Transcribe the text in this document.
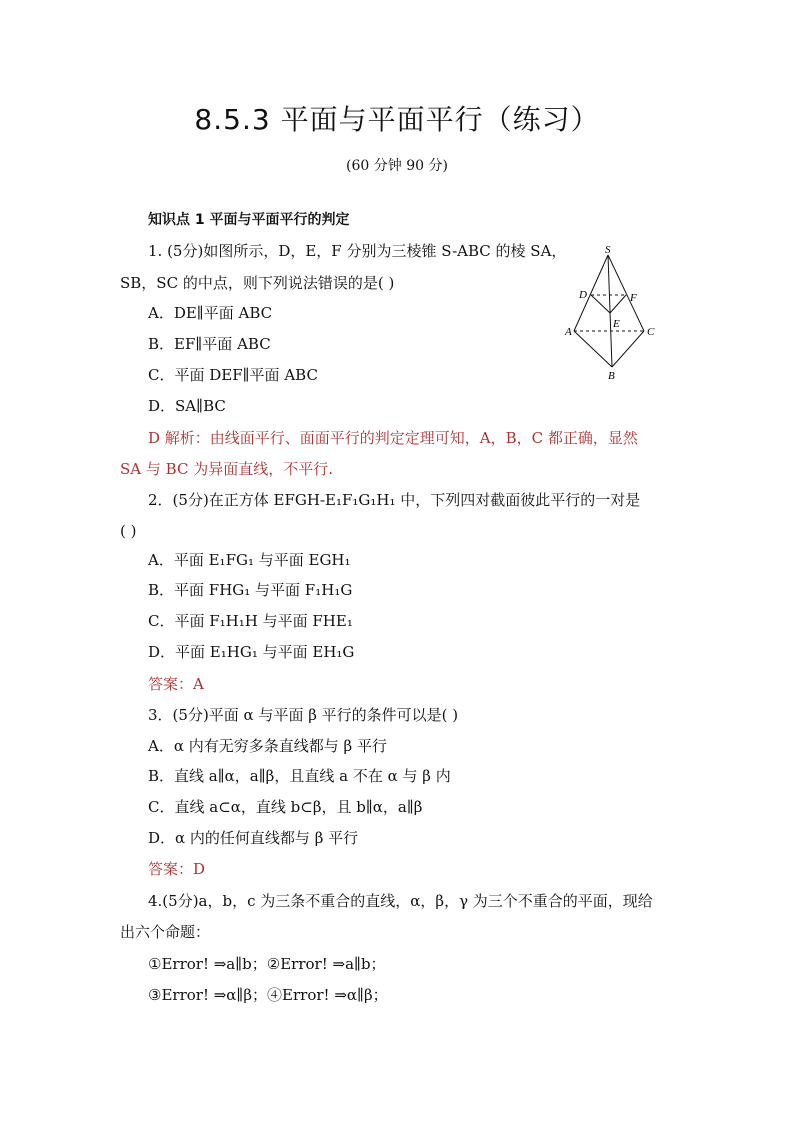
8.5.3 平面与平面平行（练习）
(60 分钟 90 分)
知识点 1 平面与平面平行的判定
1. (5分)如图所示，D，E，F 分别为三棱锥 S-ABC 的棱 SA，
SB，SC 的中点，则下列说法错误的是( )
A．DE∥平面 ABC
B．EF∥平面 ABC
C．平面 DEF∥平面 ABC
D．SA∥BC
D 解析：由线面平行、面面平行的判定定理可知，A，B，C 都正确，显然
SA 与 BC 为异面直线，不平行.
S
D	F
E
A	C
B
2．(5分)在正方体 EFGH-E₁F₁G₁H₁ 中，下列四对截面彼此平行的一对是
( )
A．平面 E₁FG₁ 与平面 EGH₁
B．平面 FHG₁ 与平面 F₁H₁G
C．平面 F₁H₁H 与平面 FHE₁
D．平面 E₁HG₁ 与平面 EH₁G
答案：A
3．(5分)平面 α 与平面 β 平行的条件可以是( )
A．α 内有无穷多条直线都与 β 平行
B．直线 a∥α，a∥β，且直线 a 不在 α 与 β 内
C．直线 a⊂α，直线 b⊂β，且 b∥α，a∥β
D．α 内的任何直线都与 β 平行
答案：D
4.(5分)a，b，c 为三条不重合的直线，α，β，γ 为三个不重合的平面，现给
出六个命题：
①Error! ⇒a∥b；②Error! ⇒a∥b；
③Error! ⇒α∥β；④Error! ⇒α∥β；
